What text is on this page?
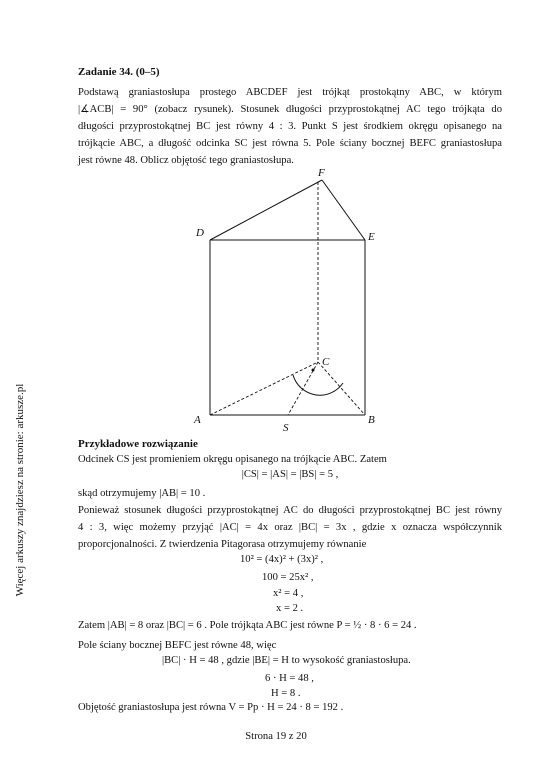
Więcej arkuszy znajdziesz na stronie: arkusze.pl
Zadanie 34. (0–5)
Podstawą graniastosłupa prostego ABCDEF jest trójkąt prostokątny ABC, w którym
|∡ACB| = 90° (zobacz rysunek). Stosunek długości przyprostokątnej AC tego trójkąta do
długości przyprostokątnej BC jest równy 4 : 3. Punkt S jest środkiem okręgu opisanego na
trójkącie ABC, a długość odcinka SC jest równa 5. Pole ściany bocznej BEFC graniastosłupa
jest równe 48. Oblicz objętość tego graniastosłupa.
F
D	E
C
A	B
S
Przykładowe rozwiązanie
Odcinek CS jest promieniem okręgu opisanego na trójkącie ABC. Zatem
|CS| = |AS| = |BS| = 5 ,
skąd otrzymujemy |AB| = 10 .
Ponieważ stosunek długości przyprostokątnej AC do długości przyprostokątnej BC jest równy
4 : 3, więc możemy przyjąć |AC| = 4x oraz |BC| = 3x , gdzie x oznacza współczynnik
proporcjonalności. Z twierdzenia Pitagorasa otrzymujemy równanie
10² = (4x)² + (3x)² ,
100 = 25x² ,
x² = 4 ,
x = 2 .
Zatem |AB| = 8 oraz |BC| = 6 . Pole trójkąta ABC jest równe P = ½ · 8 · 6 = 24 .
Pole ściany bocznej BEFC jest równe 48, więc
|BC| · H = 48 , gdzie |BE| = H to wysokość graniastosłupa.
6 · H = 48 ,
H = 8 .
Objętość graniastosłupa jest równa V = Pp · H = 24 · 8 = 192 .
Strona 19 z 20
